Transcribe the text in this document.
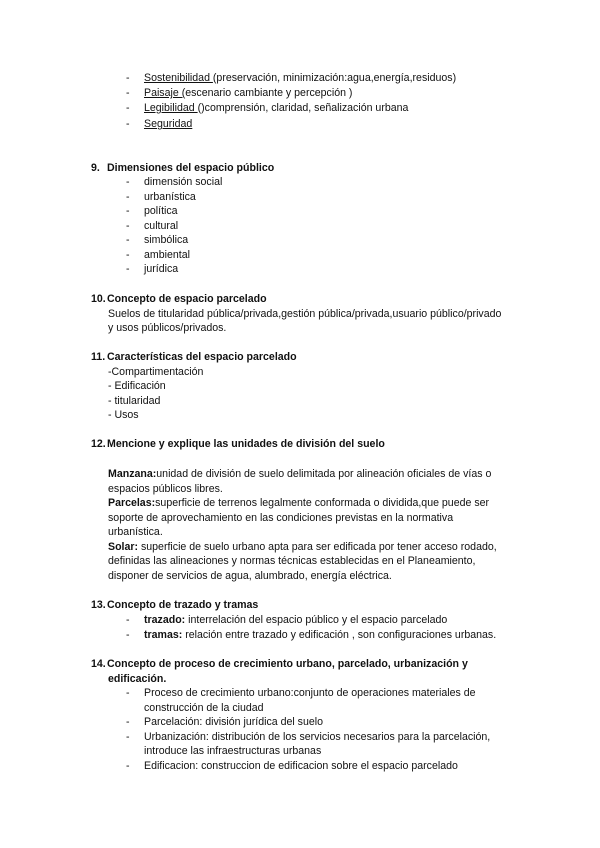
- Sostenibilidad (preservación, minimización:agua,energía,residuos)
- Paisaje (escenario cambiante y percepción )
- Legibilidad ()comprensión, claridad, señalización urbana
- Seguridad
9. Dimensiones del espacio público
- dimensión social
- urbanística
- política
- cultural
- simbólica
- ambiental
- jurídica
10.Concepto de espacio parcelado
Suelos de titularidad pública/privada,gestión pública/privada,usuario público/privado
y usos públicos/privados.
11. Características del espacio parcelado
-Compartimentación
- Edificación
- titularidad
- Usos
12.Mencione y explique las unidades de división del suelo
Manzana:unidad de división de suelo delimitada por alineación oficiales de vías o
espacios públicos libres.
Parcelas:superficie de terrenos legalmente conformada o dividida,que puede ser
soporte de aprovechamiento en las condiciones previstas en la normativa
urbanística.
Solar: superficie de suelo urbano apta para ser edificada por tener acceso rodado,
definidas las alineaciones y normas técnicas establecidas en el Planeamiento,
disponer de servicios de agua, alumbrado, energía eléctrica.
13.Concepto de trazado y tramas
- trazado: interrelación del espacio público y el espacio parcelado
- tramas: relación entre trazado y edificación , son configuraciones urbanas.
14.Concepto de proceso de crecimiento urbano, parcelado, urbanización y
edificación.
- Proceso de crecimiento urbano:conjunto de operaciones materiales de
construcción de la ciudad
- Parcelación: división jurídica del suelo
- Urbanización: distribución de los servicios necesarios para la parcelación,
introduce las infraestructuras urbanas
- Edificacion: construccion de edificacion sobre el espacio parcelado
